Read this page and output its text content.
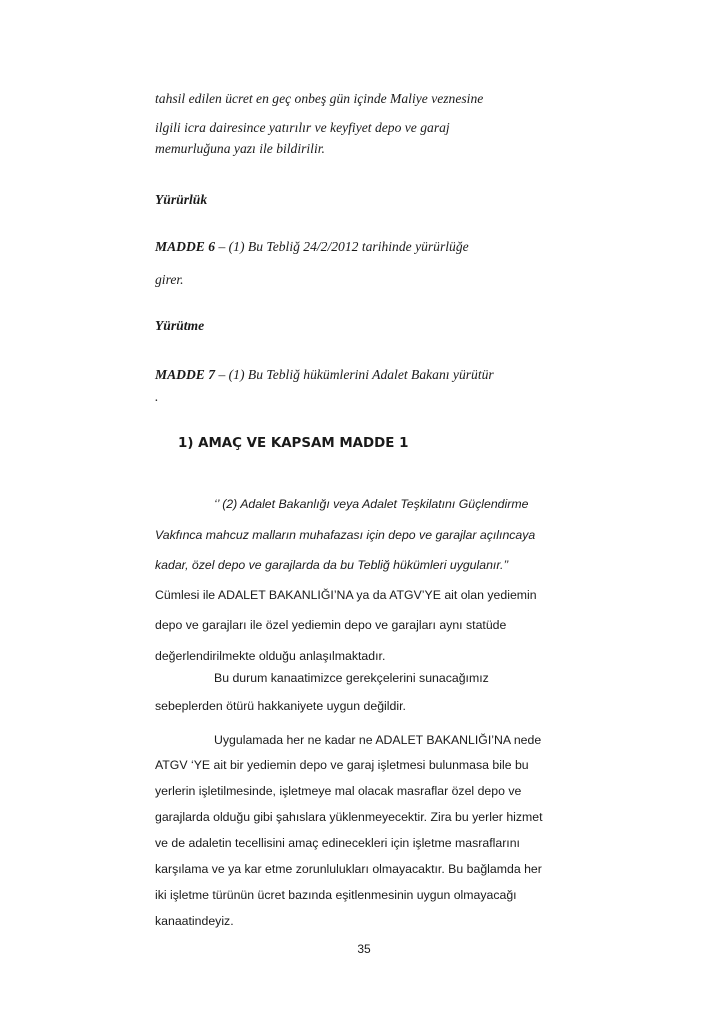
tahsil edilen ücret en geç onbeş gün içinde Maliye veznesine
ilgili icra dairesince yatırılır ve keyfiyet depo ve garaj
memurluğuna yazı ile bildirilir.
Yürürlük
MADDE 6 – (1) Bu Tebliğ 24/2/2012 tarihinde yürürlüğe
girer.
Yürütme
MADDE 7 – (1) Bu Tebliğ hükümlerini Adalet Bakanı yürütür
.
1) AMAÇ VE KAPSAM MADDE 1
‘’ (2) Adalet Bakanlığı veya Adalet Teşkilatını Güçlendirme
Vakfınca mahcuz malların muhafazası için depo ve garajlar açılıncaya
kadar, özel depo ve garajlarda da bu Tebliğ hükümleri uygulanır.’’
Cümlesi ile ADALET BAKANLIĞI’NA ya da ATGV’YE ait olan yediemin
depo ve garajları ile özel yediemin depo ve garajları aynı statüde
değerlendirilmekte olduğu anlaşılmaktadır.
Bu durum kanaatimizce gerekçelerini sunacağımız
sebeplerden ötürü hakkaniyete uygun değildir.
Uygulamada her ne kadar ne ADALET BAKANLIĞI’NA nede
ATGV ‘YE ait bir yediemin depo ve garaj işletmesi bulunmasa bile bu
yerlerin işletilmesinde, işletmeye mal olacak masraflar özel depo ve
garajlarda olduğu gibi şahıslara yüklenmeyecektir. Zira bu yerler hizmet
ve de adaletin tecellisini amaç edinecekleri için işletme masraflarını
karşılama ve ya kar etme zorunlulukları olmayacaktır. Bu bağlamda her
iki işletme türünün ücret bazında eşitlenmesinin uygun olmayacağı
kanaatindeyiz.
35
